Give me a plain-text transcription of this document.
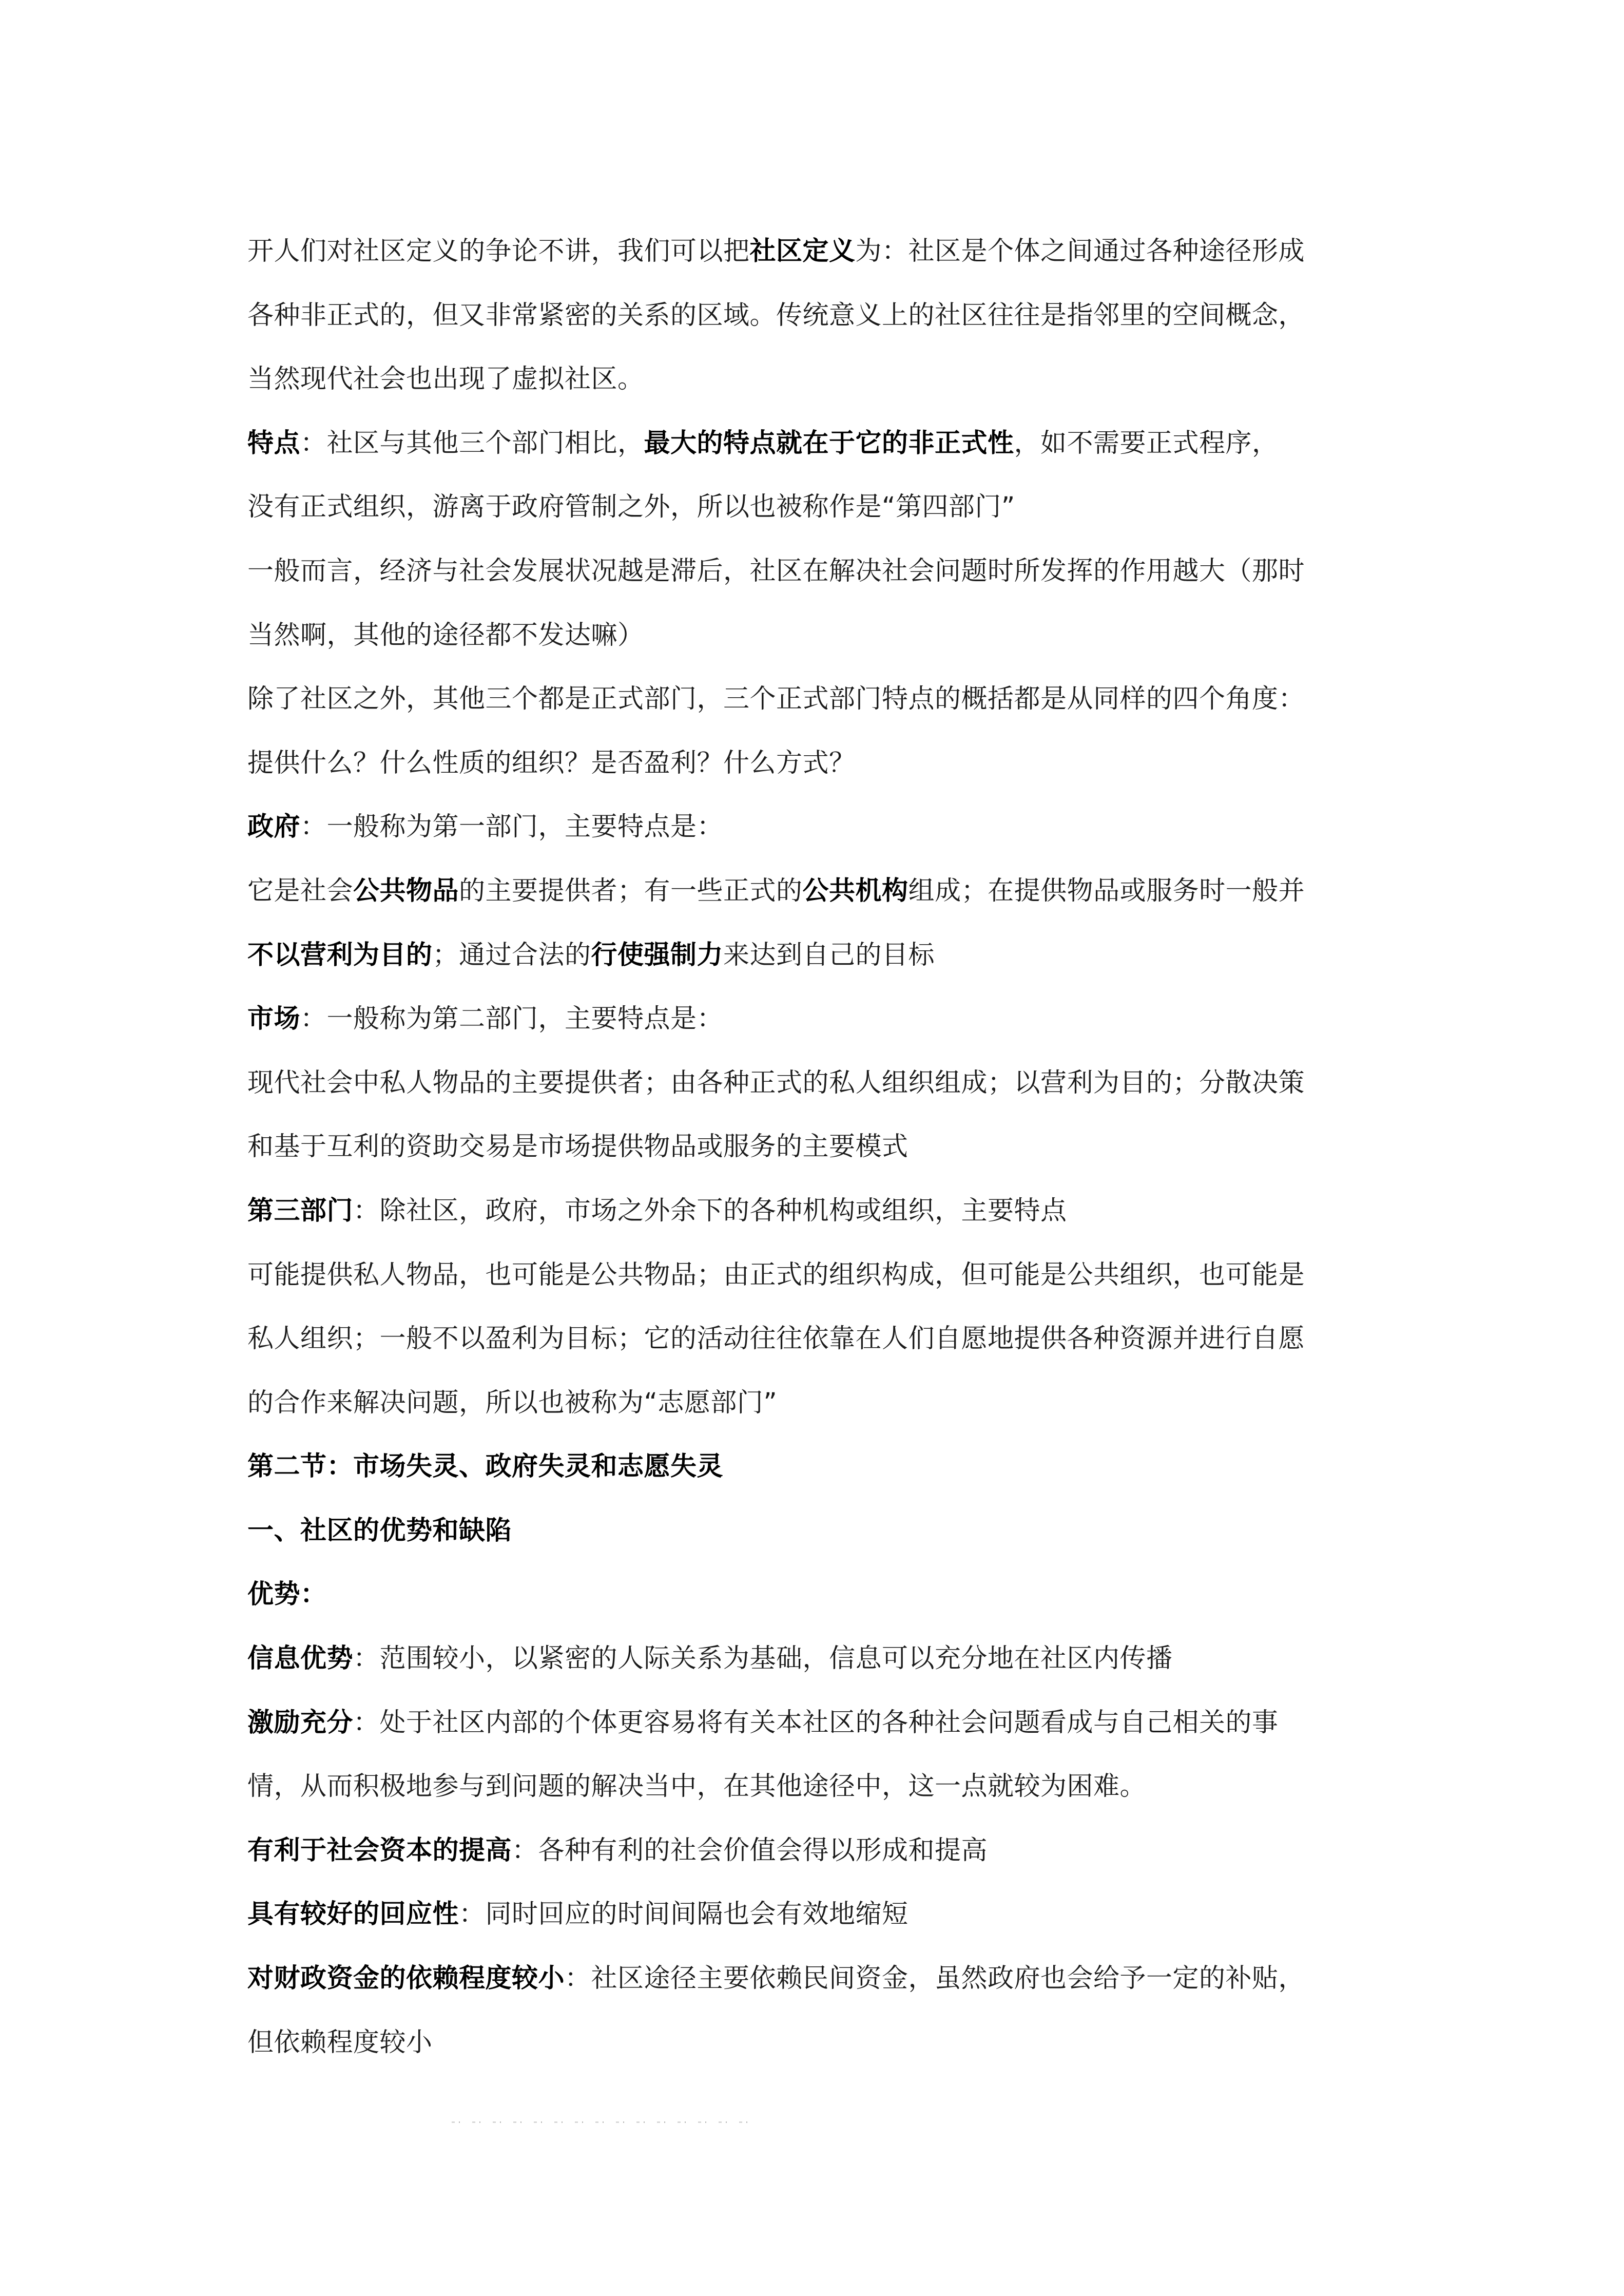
开人们对社区定义的争论不讲，我们可以把社区定义为：社区是个体之间通过各种途径形成
各种非正式的，但又非常紧密的关系的区域。传统意义上的社区往往是指邻里的空间概念，
当然现代社会也出现了虚拟社区。
特点：社区与其他三个部门相比，最大的特点就在于它的非正式性，如不需要正式程序，
没有正式组织，游离于政府管制之外，所以也被称作是“第四部门”
一般而言，经济与社会发展状况越是滞后，社区在解决社会问题时所发挥的作用越大（那时
当然啊，其他的途径都不发达嘛）
除了社区之外，其他三个都是正式部门，三个正式部门特点的概括都是从同样的四个角度：
提供什么？什么性质的组织？是否盈利？什么方式？
政府：一般称为第一部门，主要特点是：
它是社会公共物品的主要提供者；有一些正式的公共机构组成；在提供物品或服务时一般并
不以营利为目的；通过合法的行使强制力来达到自己的目标
市场：一般称为第二部门，主要特点是：
现代社会中私人物品的主要提供者；由各种正式的私人组织组成；以营利为目的；分散决策
和基于互利的资助交易是市场提供物品或服务的主要模式
第三部门：除社区，政府，市场之外余下的各种机构或组织，主要特点
可能提供私人物品，也可能是公共物品；由正式的组织构成，但可能是公共组织，也可能是
私人组织；一般不以盈利为目标；它的活动往往依靠在人们自愿地提供各种资源并进行自愿
的合作来解决问题，所以也被称为“志愿部门”
第二节：市场失灵、政府失灵和志愿失灵
一、社区的优势和缺陷
优势：
信息优势：范围较小，以紧密的人际关系为基础，信息可以充分地在社区内传播
激励充分：处于社区内部的个体更容易将有关本社区的各种社会问题看成与自己相关的事
情，从而积极地参与到问题的解决当中，在其他途径中，这一点就较为困难。
有利于社会资本的提高：各种有利的社会价值会得以形成和提高
具有较好的回应性：同时回应的时间间隔也会有效地缩短
对财政资金的依赖程度较小：社区途径主要依赖民间资金，虽然政府也会给予一定的补贴，
但依赖程度较小
